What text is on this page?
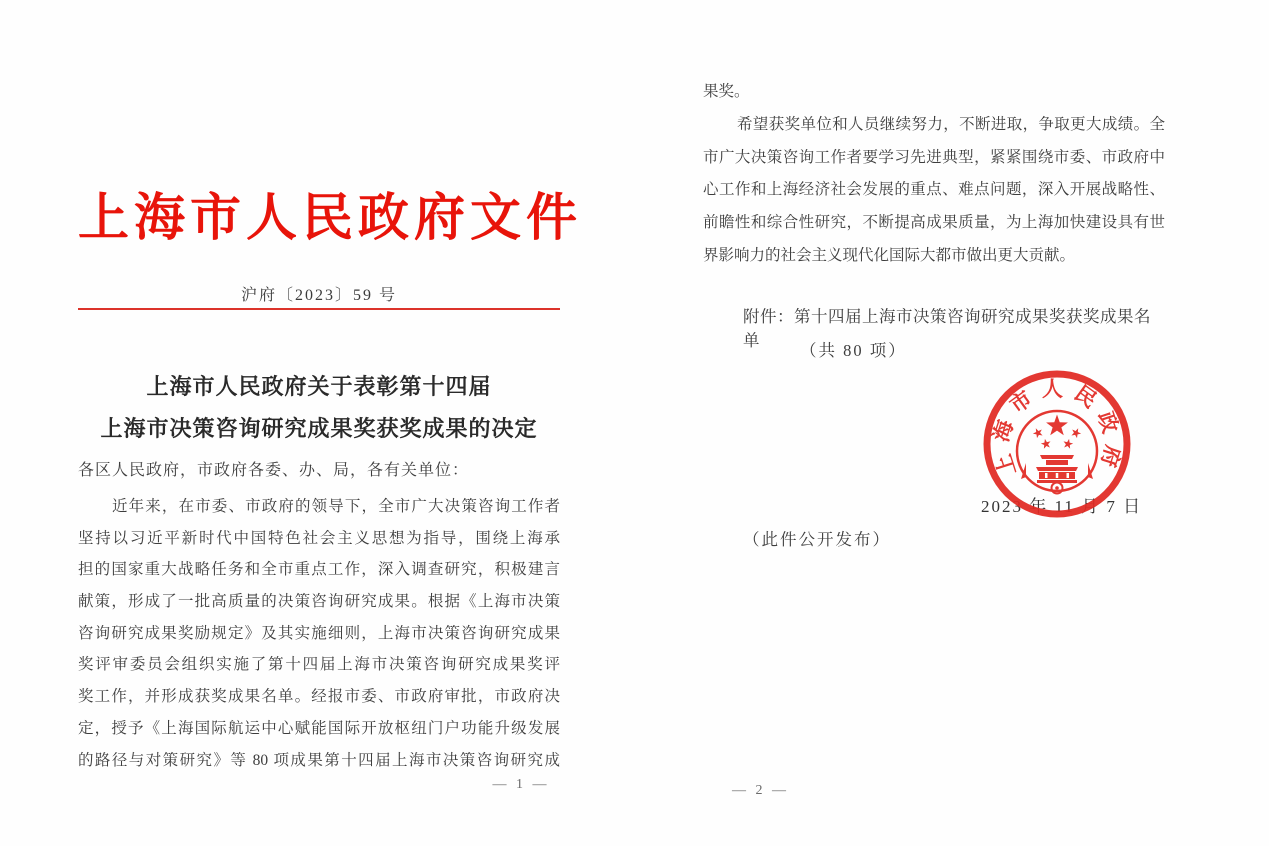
上海市人民政府文件
沪府〔2023〕59 号
上海市人民政府关于表彰第十四届
上海市决策咨询研究成果奖获奖成果的决定
各区人民政府，市政府各委、办、局，各有关单位：
近年来，在市委、市政府的领导下，全市广大决策咨询工作者
坚持以习近平新时代中国特色社会主义思想为指导，围绕上海承
担的国家重大战略任务和全市重点工作，深入调查研究，积极建言
献策，形成了一批高质量的决策咨询研究成果。根据《上海市决策
咨询研究成果奖励规定》及其实施细则，上海市决策咨询研究成果
奖评审委员会组织实施了第十四届上海市决策咨询研究成果奖评
奖工作，并形成获奖成果名单。经报市委、市政府审批，市政府决
定，授予《上海国际航运中心赋能国际开放枢纽门户功能升级发展
的路径与对策研究》等 80 项成果第十四届上海市决策咨询研究成
— 1 —
果奖。
希望获奖单位和人员继续努力，不断进取，争取更大成绩。全
市广大决策咨询工作者要学习先进典型，紧紧围绕市委、市政府中
心工作和上海经济社会发展的重点、难点问题，深入开展战略性、
前瞻性和综合性研究，不断提高成果质量，为上海加快建设具有世
界影响力的社会主义现代化国际大都市做出更大贡献。
附件：第十四届上海市决策咨询研究成果奖获奖成果名单
（共 80 项）
上海市人民政府
2023 年 11 月 7 日
（此件公开发布）
— 2 —
